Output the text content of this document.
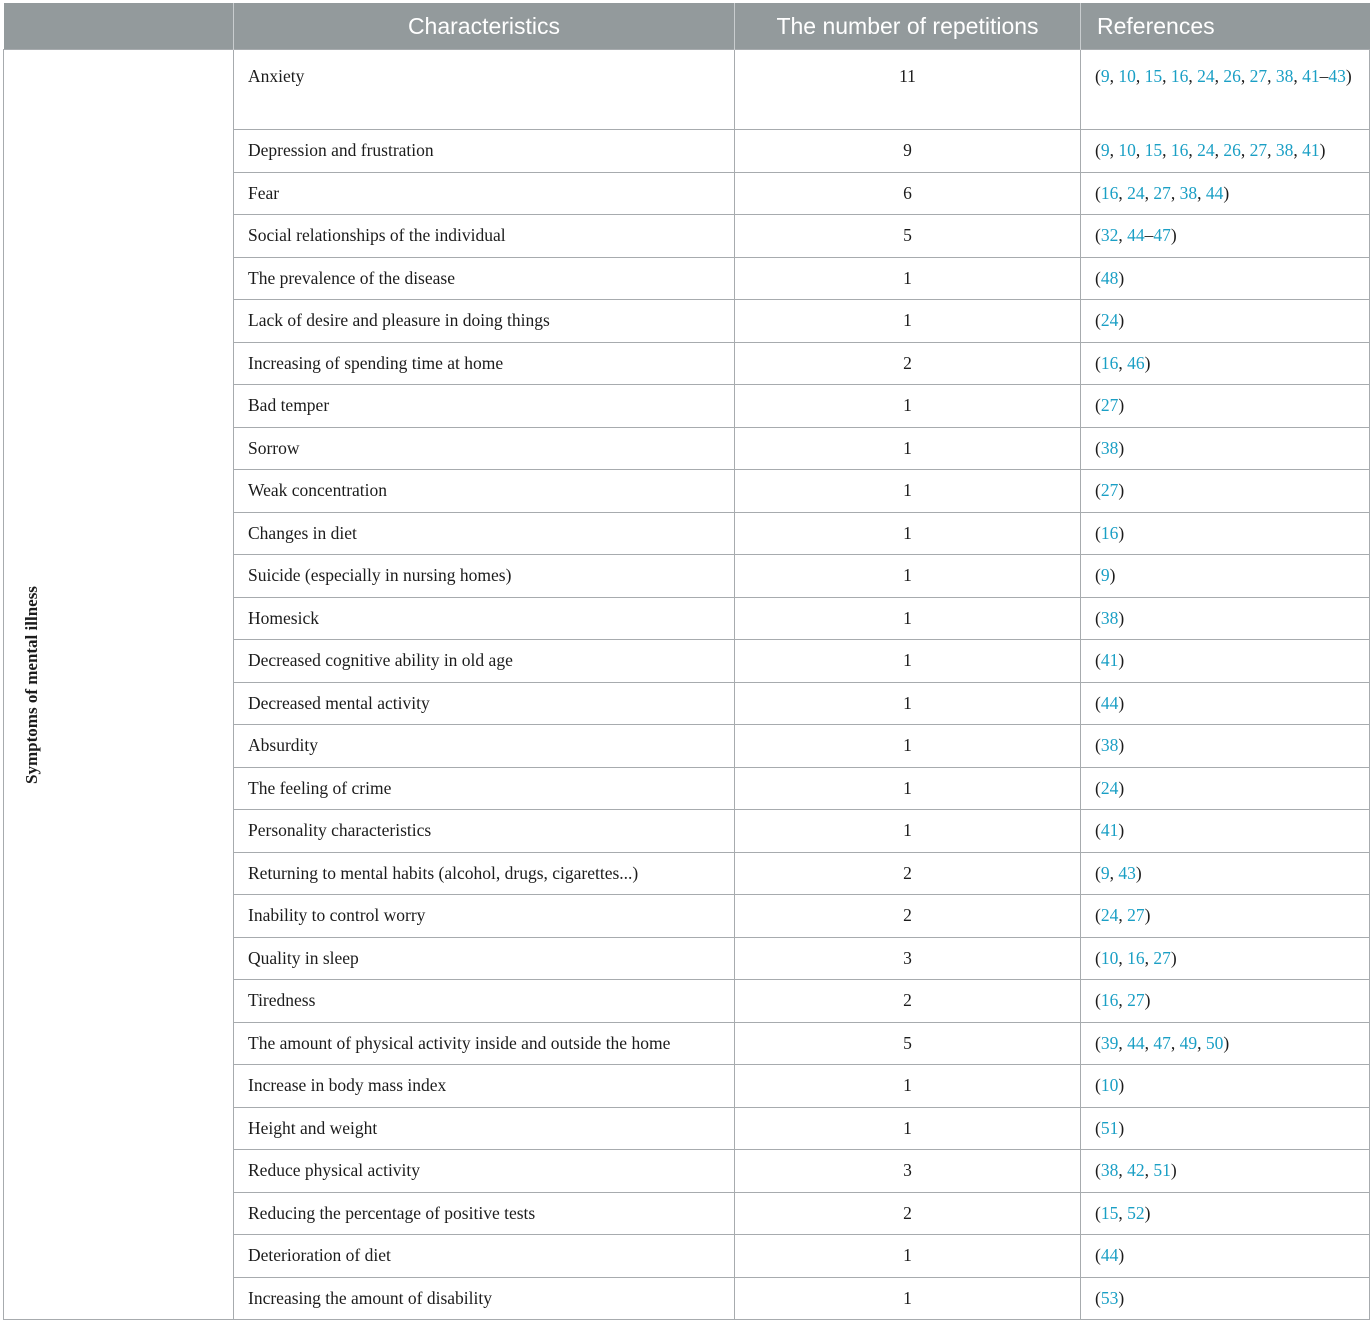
	Characteristics	The number of repetitions	References

Symptoms of mental illness	Anxiety	11	(9, 10, 15, 16, 24, 26, 27, 38, 41–43)
	Depression and frustration	9	(9, 10, 15, 16, 24, 26, 27, 38, 41)
	Fear	6	(16, 24, 27, 38, 44)
	Social relationships of the individual	5	(32, 44–47)
	The prevalence of the disease	1	(48)
	Lack of desire and pleasure in doing things	1	(24)
	Increasing of spending time at home	2	(16, 46)
	Bad temper	1	(27)
	Sorrow	1	(38)
	Weak concentration	1	(27)
	Changes in diet	1	(16)
	Suicide (especially in nursing homes)	1	(9)
	Homesick	1	(38)
	Decreased cognitive ability in old age	1	(41)
	Decreased mental activity	1	(44)
	Absurdity	1	(38)
	The feeling of crime	1	(24)
	Personality characteristics	1	(41)
	Returning to mental habits (alcohol, drugs, cigarettes...)	2	(9, 43)
	Inability to control worry	2	(24, 27)
	Quality in sleep	3	(10, 16, 27)
	Tiredness	2	(16, 27)
	The amount of physical activity inside and outside the home	5	(39, 44, 47, 49, 50)
	Increase in body mass index	1	(10)
	Height and weight	1	(51)
	Reduce physical activity	3	(38, 42, 51)
	Reducing the percentage of positive tests	2	(15, 52)
	Deterioration of diet	1	(44)
	Increasing the amount of disability	1	(53)
